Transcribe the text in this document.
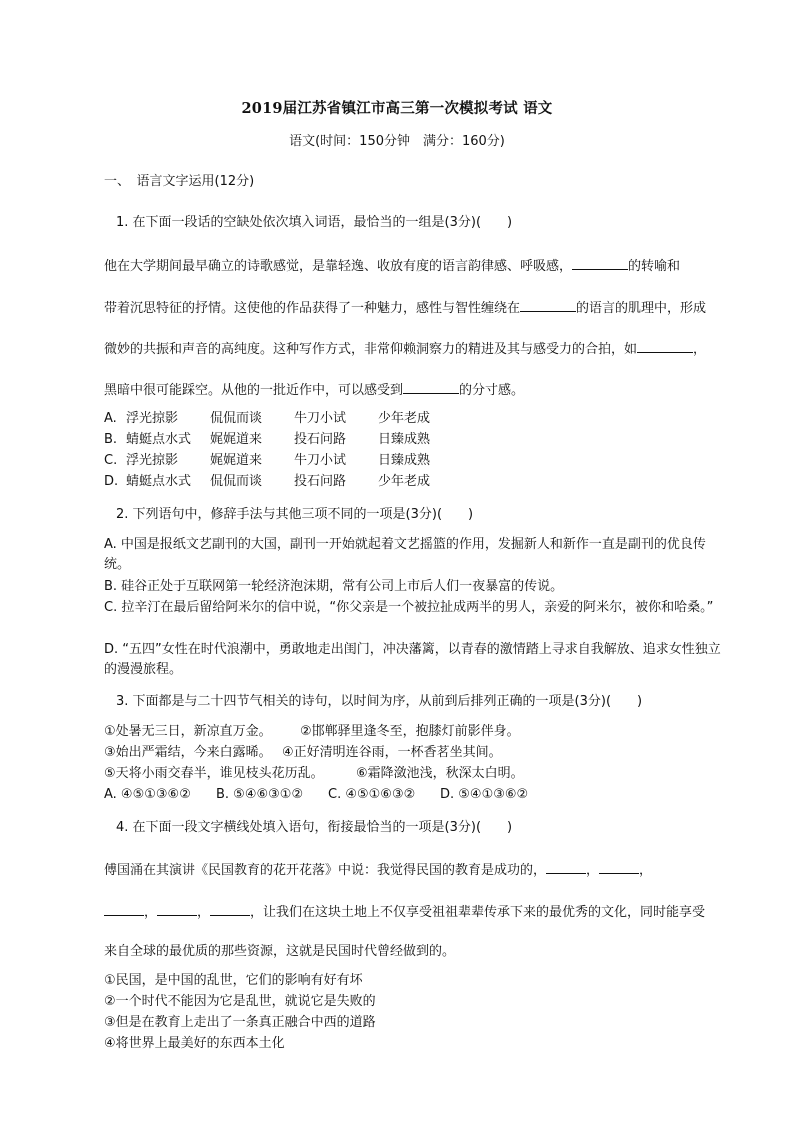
2019届江苏省镇江市高三第一次模拟考试 语文
语文(时间：150分钟　满分：160分)
一、　语言文字运用(12分)
1. 在下面一段话的空缺处依次填入词语，最恰当的一组是(3分)(　　)
他在大学期间最早确立的诗歌感觉，是靠轻逸、收放有度的语言韵律感、呼吸感，	的转喻和
带着沉思特征的抒情。这使他的作品获得了一种魅力，感性与智性缠绕在	的语言的肌理中，形成
微妙的共振和声音的高纯度。这种写作方式，非常仰赖洞察力的精进及其与感受力的合拍，如	，
黑暗中很可能踩空。从他的一批近作中，可以感受到	的分寸感。
A. 浮光掠影 侃侃而谈 牛刀小试 少年老成
B. 蜻蜓点水式 娓娓道来 投石问路 日臻成熟
C. 浮光掠影 娓娓道来 牛刀小试 日臻成熟
D. 蜻蜓点水式 侃侃而谈 投石问路 少年老成
2. 下列语句中，修辞手法与其他三项不同的一项是(3分)(　　)
A. 中国是报纸文艺副刊的大国，副刊一开始就起着文艺摇篮的作用，发掘新人和新作一直是副刊的优良传统。
B. 硅谷正处于互联网第一轮经济泡沫期，常有公司上市后人们一夜暴富的传说。
C. 拉辛汀在最后留给阿米尔的信中说，“你父亲是一个被拉扯成两半的男人，亲爱的阿米尔，被你和哈桑。”
D. “五四”女性在时代浪潮中，勇敢地走出闺门，冲决藩篱，以青春的激情踏上寻求自我解放、追求女性独立的漫漫旅程。
3. 下面都是与二十四节气相关的诗句，以时间为序，从前到后排列正确的一项是(3分)(　　)
①处暑无三日，新凉直万金。 ②邯郸驿里逢冬至，抱膝灯前影伴身。
③始出严霜结，今来白露晞。 ④正好清明连谷雨，一杯香茗坐其间。
⑤天将小雨交春半，谁见枝头花历乱。 ⑥霜降潋池浅，秋深太白明。
A. ④⑤①③⑥② B. ⑤④⑥③①② C. ④⑤①⑥③② D. ⑤④①③⑥②
4. 在下面一段文字横线处填入语句，衔接最恰当的一项是(3分)(　　)
傅国涌在其演讲《民国教育的花开花落》中说：我觉得民国的教育是成功的，	，	，
，	，	，让我们在这块土地上不仅享受祖祖辈辈传承下来的最优秀的文化，同时能享受
来自全球的最优质的那些资源，这就是民国时代曾经做到的。
①民国，是中国的乱世，它们的影响有好有坏
②一个时代不能因为它是乱世，就说它是失败的
③但是在教育上走出了一条真正融合中西的道路
④将世界上最美好的东西本土化
